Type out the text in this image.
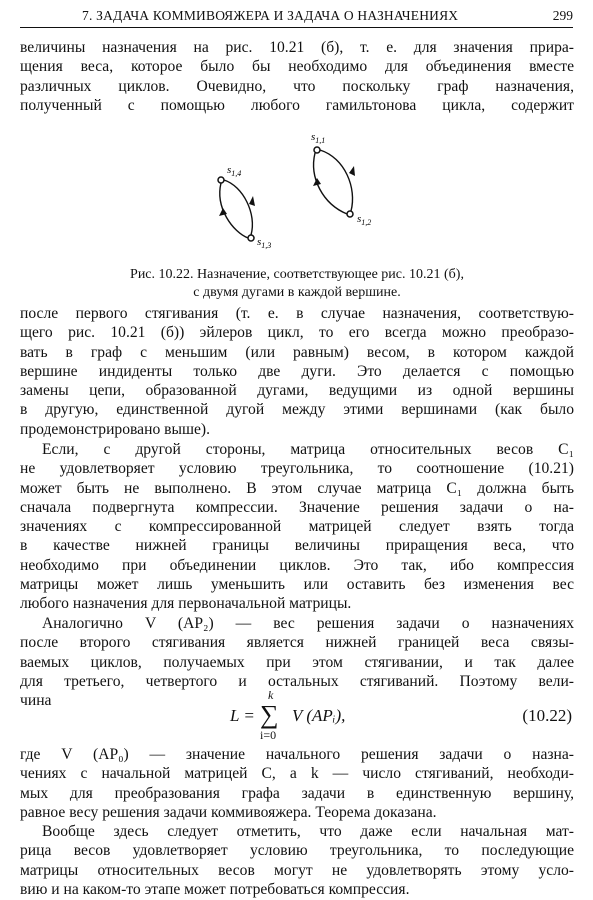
7. ЗАДАЧА КОММИВОЯЖЕРА И ЗАДАЧА О НАЗНАЧЕНИЯХ	299

величины назначения на рис. 10.21 (б), т. е. для значения прира-
щения веса, которое было бы необходимо для объединения вместе
различных циклов. Очевидно, что поскольку граф назначения,
полученный с помощью любого гамильтонова цикла, содержит

$s_{1,4}$
$s_{1,3}$
$s_{1,1}$
$s_{1,2}$
Рис. 10.22. Назначение, соответствующее рис. 10.21 (б),
с двумя дугами в каждой вершине.

после первого стягивания (т. е. в случае назначения, соответствую-
щего рис. 10.21 (б)) эйлеров цикл, то его всегда можно преобразо-
вать в граф с меньшим (или равным) весом, в котором каждой
вершине индиденты только две дуги. Это делается с помощью
замены цепи, образованной дугами, ведущими из одной вершины
в другую, единственной дугой между этими вершинами (как было
продемонстрировано выше).

Если, с другой стороны, матрица относительных весов C₁
не удовлетворяет условию треугольника, то соотношение (10.21)
может быть не выполнено. В этом случае матрица C₁ должна быть
сначала подвергнута компрессии. Значение решения задачи о на-
значениях с компрессированной матрицей следует взять тогда
в качестве нижней границы величины приращения веса, что
необходимо при объединении циклов. Это так, ибо компрессия
матрицы может лишь уменьшить или оставить без изменения вес
любого назначения для первоначальной матрицы.

Аналогично V (AP₂) — вес решения задачи о назначениях
после второго стягивания является нижней границей веса связы-
ваемых циклов, получаемых при этом стягивании, и так далее
для третьего, четвертого и остальных стягиваний. Поэтому вели-
чина

L =
k
∑
i=0
V (APᵢ),	(10.22)

где V (AP₀) — значение начального решения задачи о назна-
чениях с начальной матрицей C, а k — число стягиваний, необходи-
мых для преобразования графа задачи в единственную вершину,
равное весу решения задачи коммивояжера. Теорема доказана.

Вообще здесь следует отметить, что даже если начальная мат-
рица весов удовлетворяет условию треугольника, то последующие
матрицы относительных весов могут не удовлетворять этому усло-
вию и на каком-то этапе может потребоваться компрессия.
